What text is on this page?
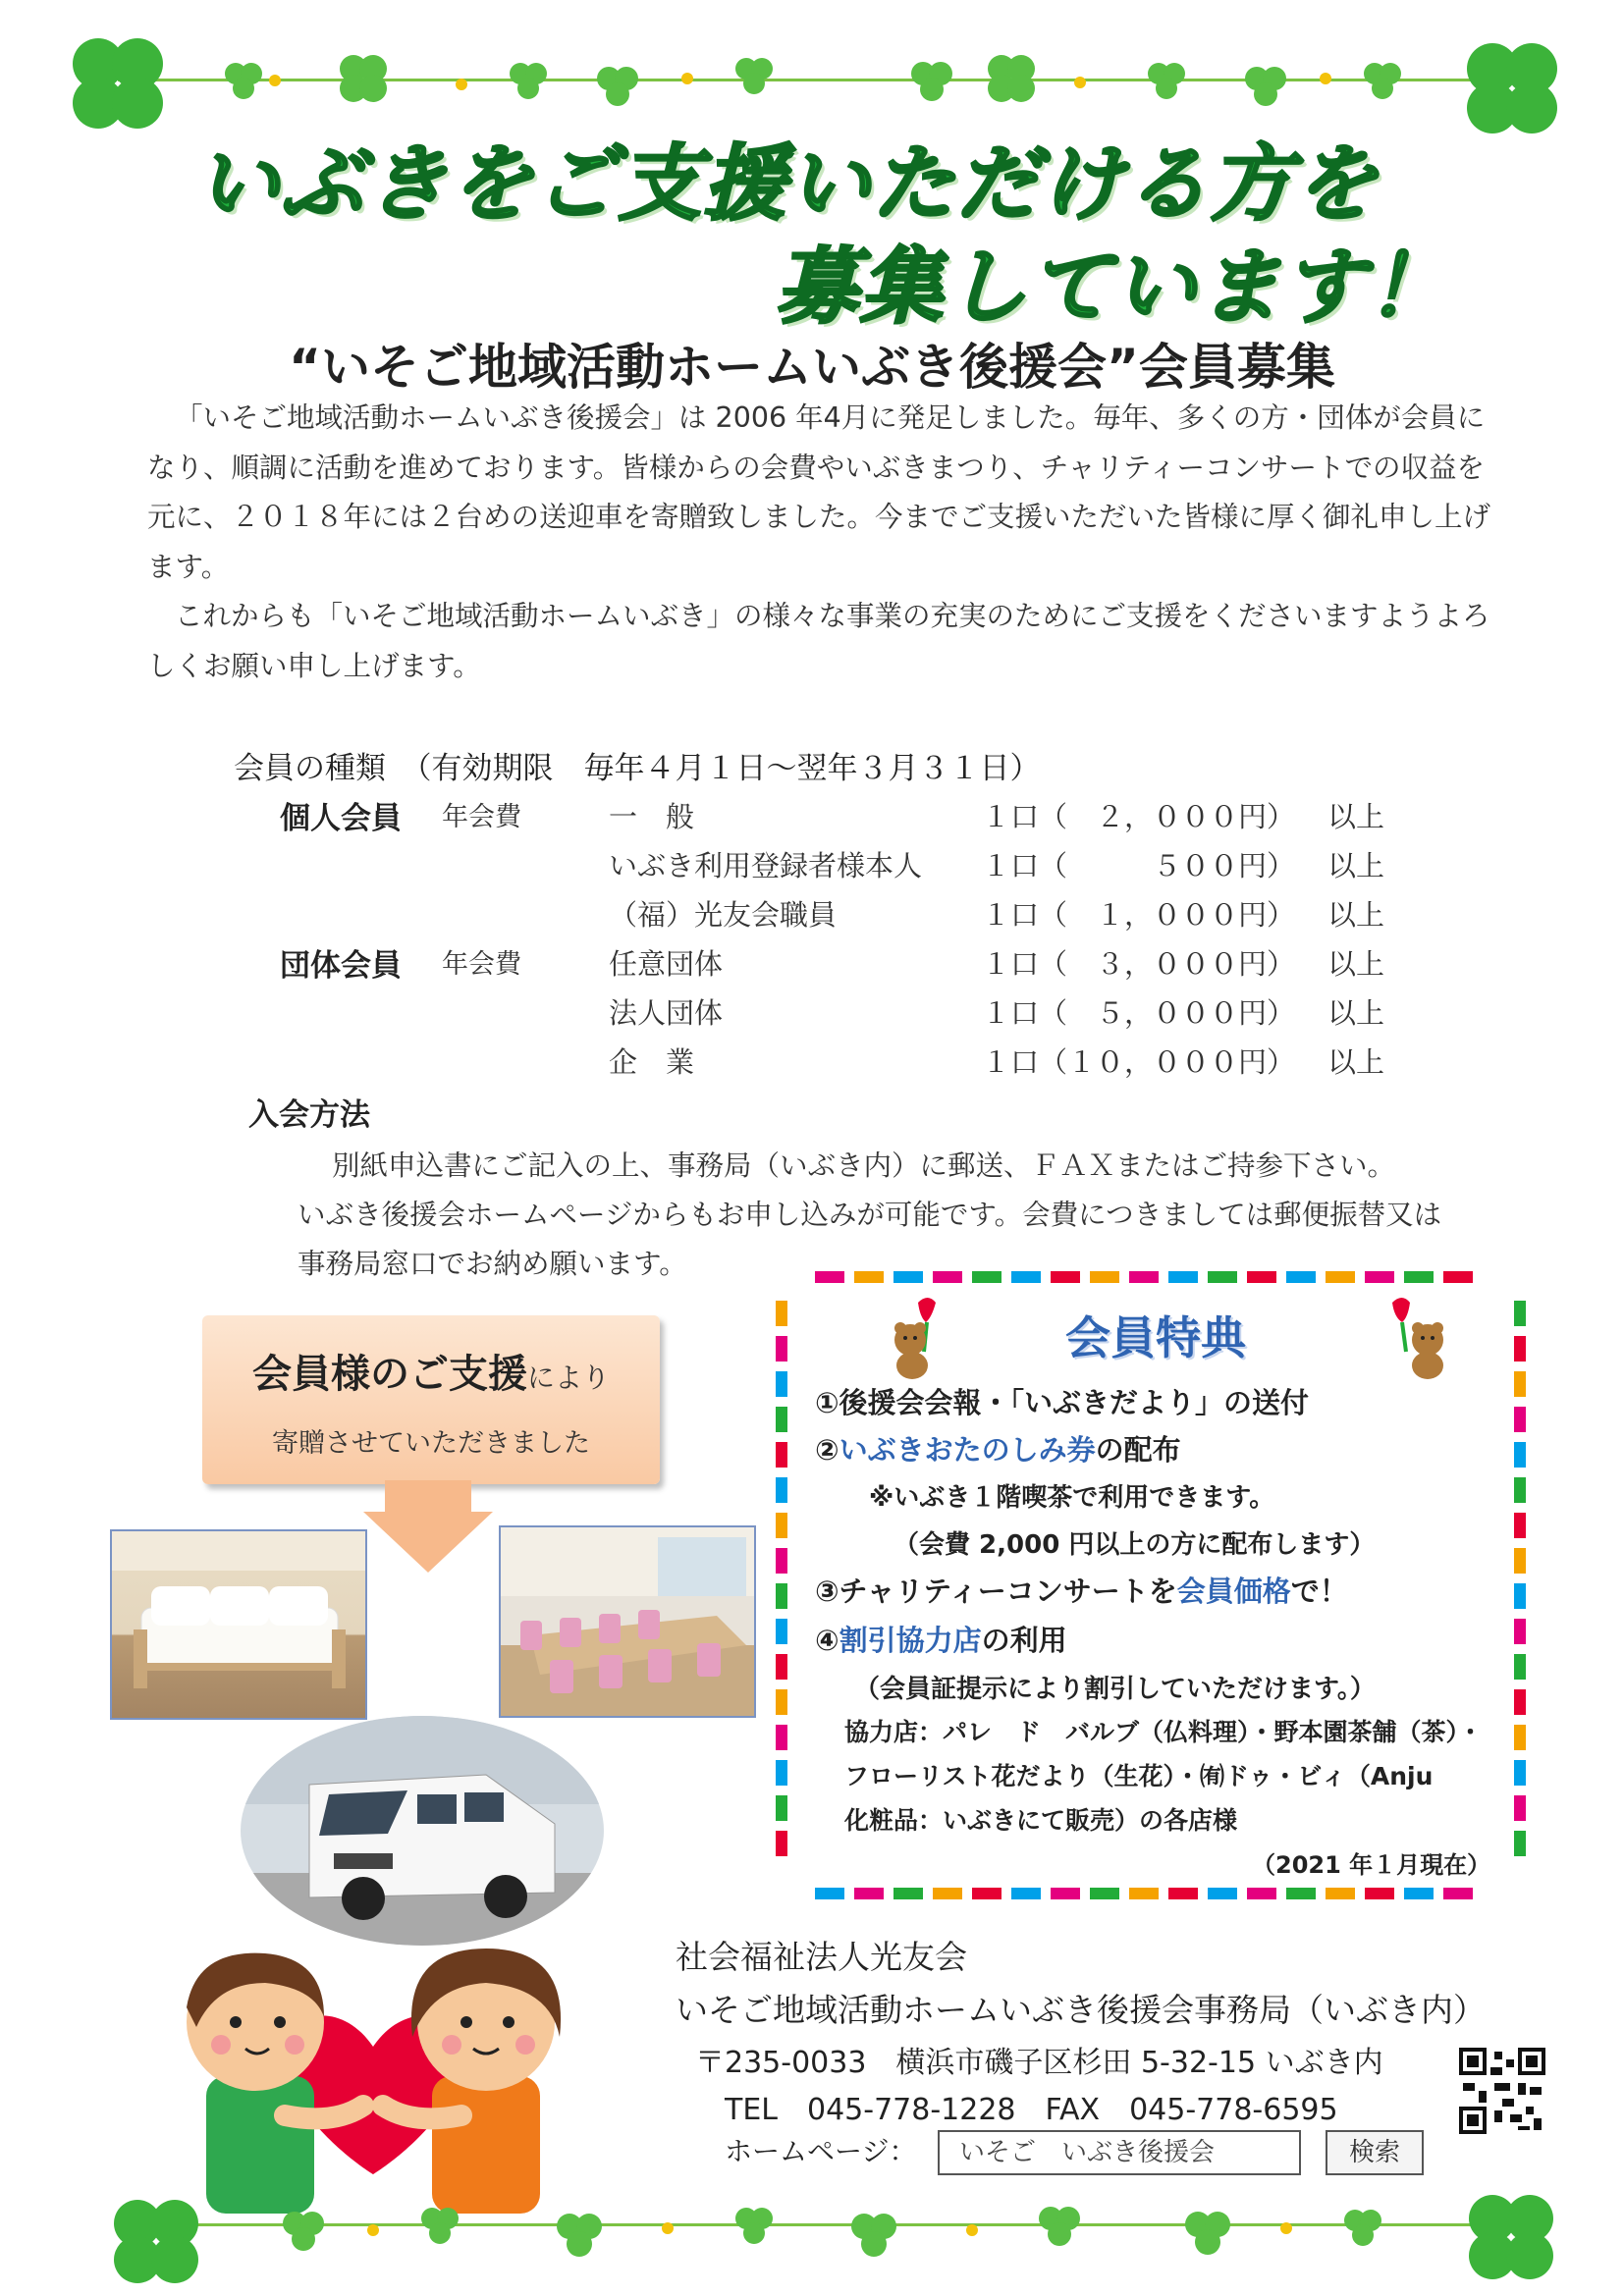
いぶきをご支援いただける方を
募集しています！
“いそご地域活動ホームいぶき後援会”会員募集
「いそご地域活動ホームいぶき後援会」は 2006 年4月に発足しました。毎年、多くの方・団体が会員になり、順調に活動を進めております。皆様からの会費やいぶきまつり、チャリティーコンサートでの収益を元に、２０１８年には２台めの送迎車を寄贈致しました。今までご支援いただいた皆様に厚く御礼申し上げます。
これからも「いそご地域活動ホームいぶき」の様々な事業の充実のためにご支援をくださいますようよろしくお願い申し上げます。
会員の種類　（有効期限　毎年４月１日～翌年３月３１日）
個人会員 年会費	一　般	１口（　２，０００円） 以上
いぶき利用登録者様本人 １口（　　　５００円） 以上
（福）光友会職員	１口（　１，０００円） 以上
団体会員 年会費	任意団体	１口（　３，０００円） 以上
法人団体	１口（　５，０００円） 以上
企　業	１口（１０，０００円） 以上
入会方法
別紙申込書にご記入の上、事務局（いぶき内）に郵送、ＦＡＸまたはご持参下さい。
いぶき後援会ホームページからもお申し込みが可能です。会費につきましては郵便振替又は
事務局窓口でお納め願います。
会員様のご支援により
寄贈させていただきました
会員特典
①後援会会報・「いぶきだより」の送付
②いぶきおたのしみ券の配布
※いぶき１階喫茶で利用できます。
（会費 2,000 円以上の方に配布します）
③チャリティーコンサートを会員価格で！
④割引協力店の利用
（会員証提示により割引していただけます。）
協力店：パレ　ド　バルブ（仏料理）・野本園茶舗（茶）・
フローリスト花だより（生花）・㈲ドゥ・ビィ（Anju
化粧品：いぶきにて販売）の各店様
（2021 年１月現在）
社会福祉法人光友会
いそご地域活動ホームいぶき後援会事務局（いぶき内）
〒235-0033　横浜市磯子区杉田 5-32-15 いぶき内
TEL　045-778-1228　FAX　045-778-6595
ホームページ：	いそご　いぶき後援会	検索
